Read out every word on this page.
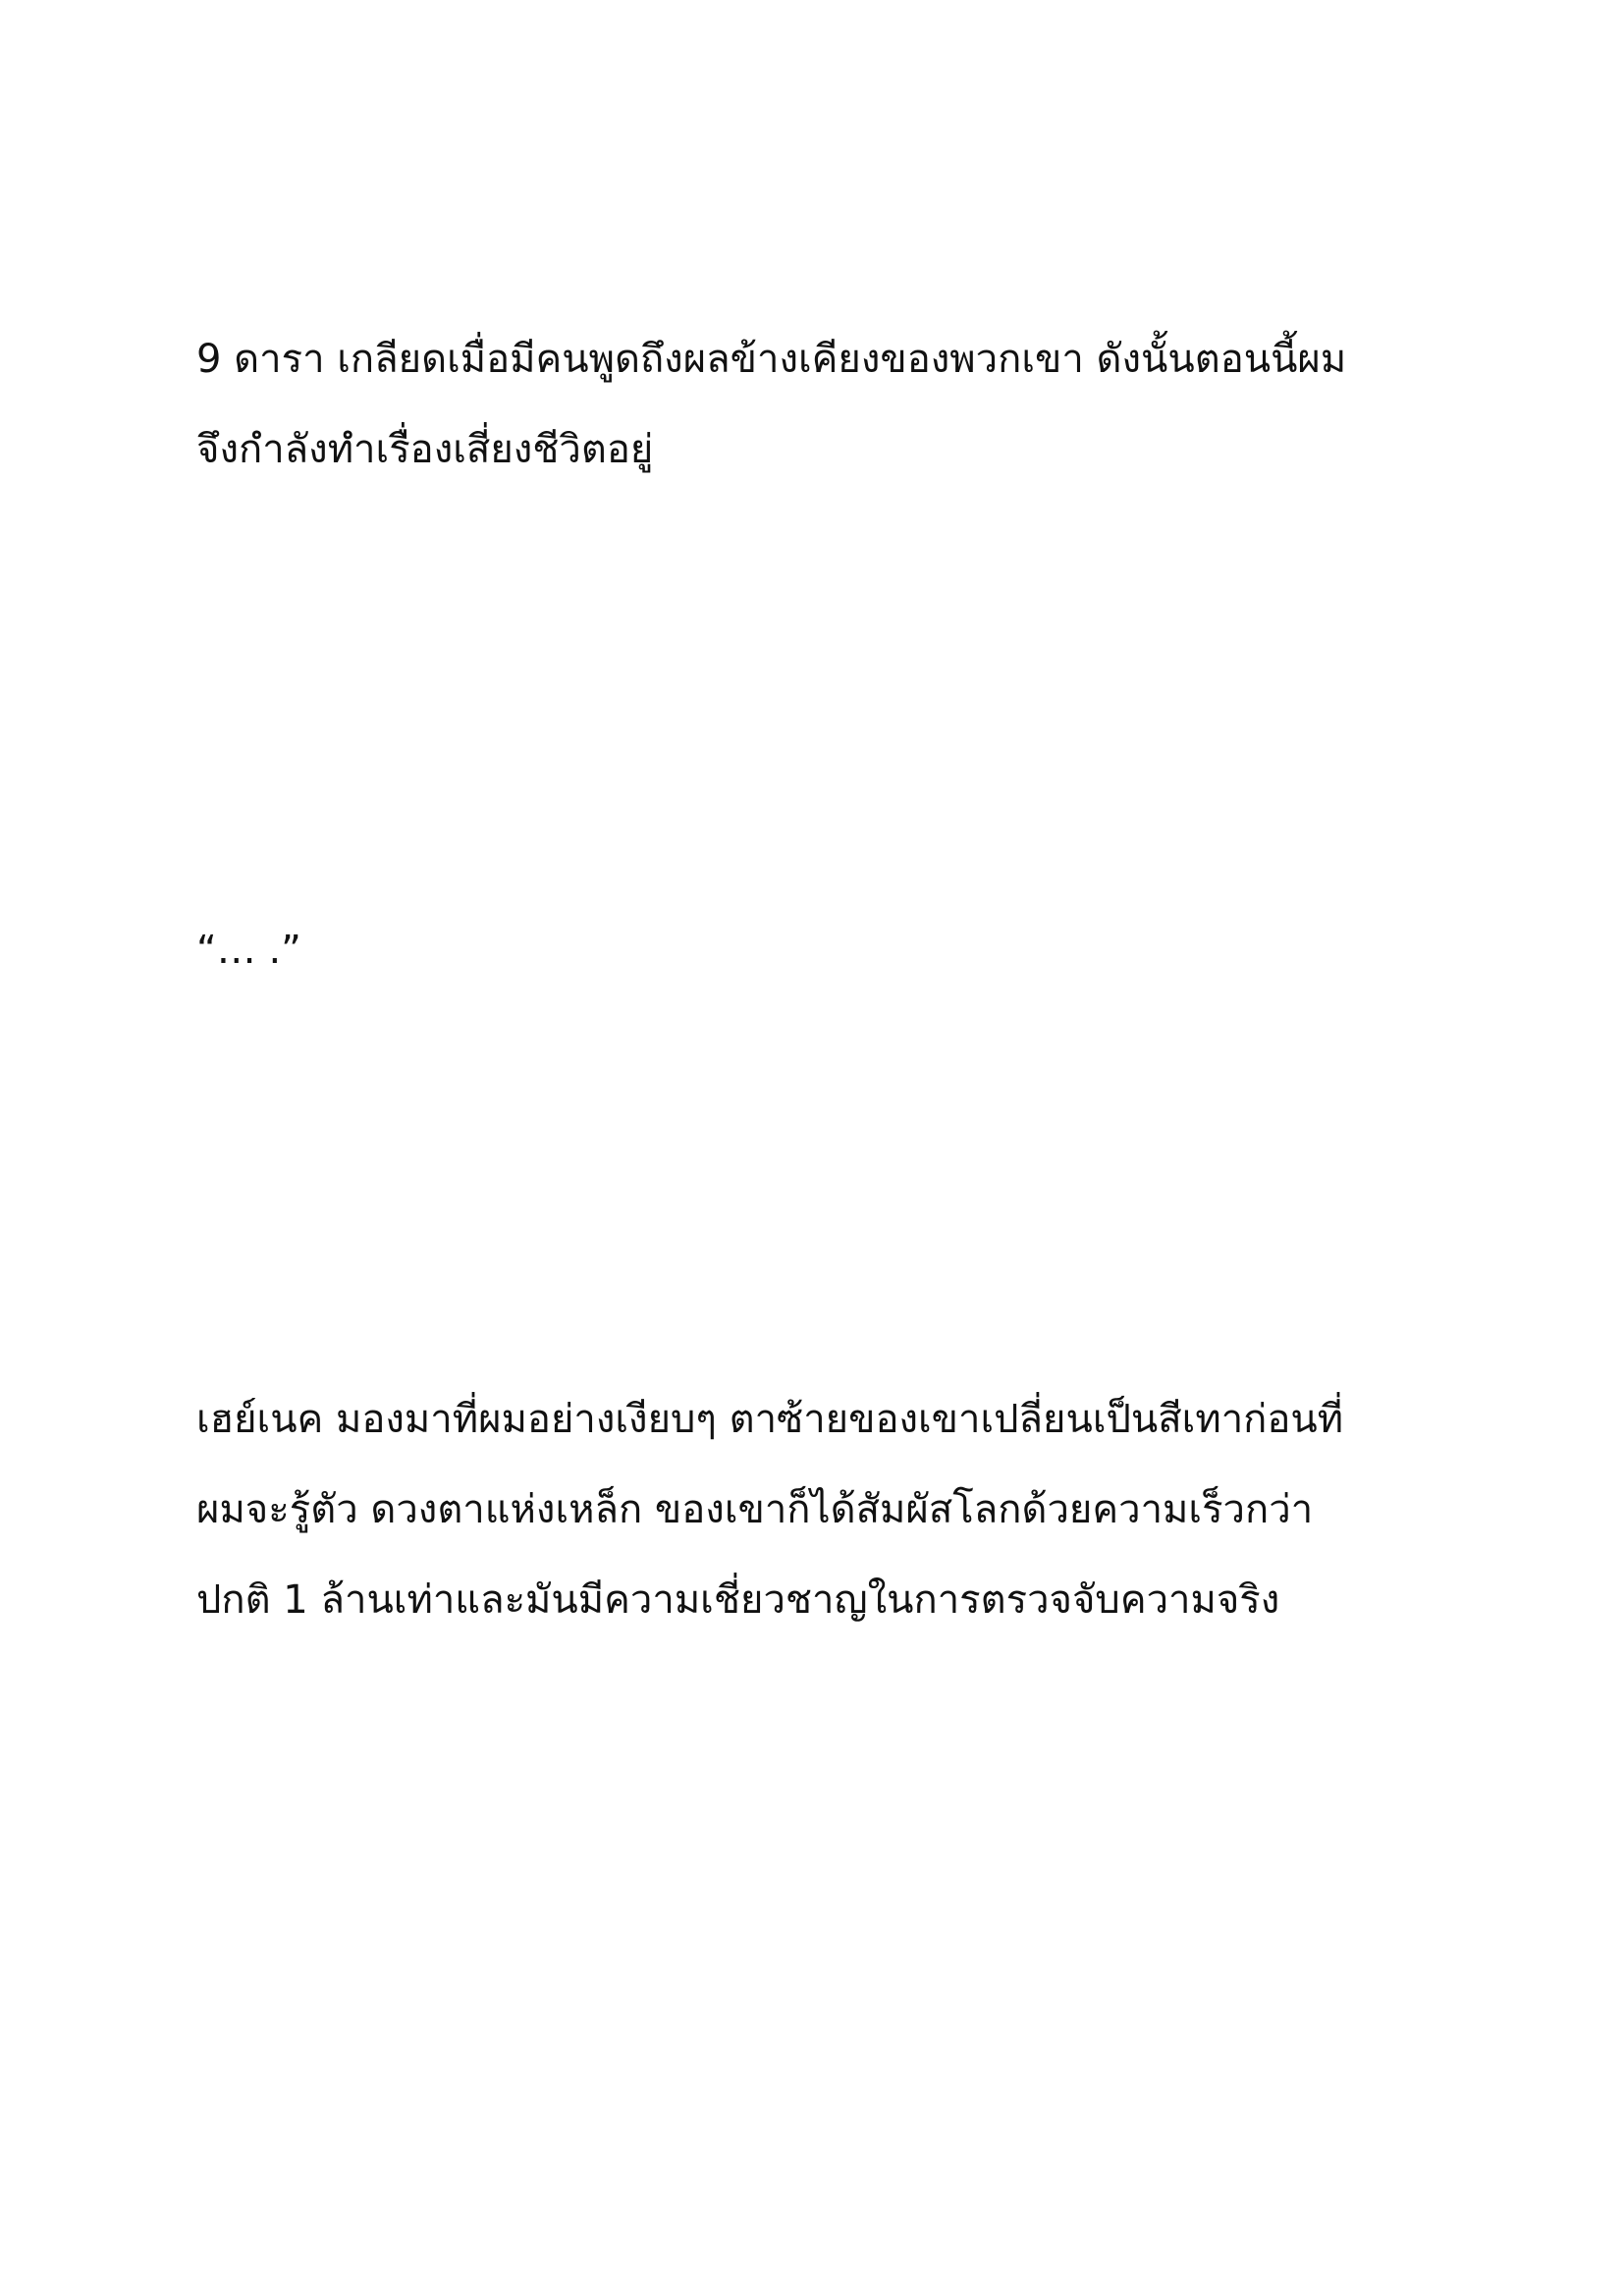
9 ดารา เกลียดเมื่อมีคนพูดถึงผลข้างเคียงของพวกเขา ดังนั้นตอนนี้ผม
จึงกำลังทำเรื่องเสี่ยงชีวิตอยู่
“… .”
เฮย์เนค มองมาที่ผมอย่างเงียบๆ ตาซ้ายของเขาเปลี่ยนเป็นสีเทาก่อนที่
ผมจะรู้ตัว ดวงตาแห่งเหล็ก ของเขาก็ได้สัมผัสโลกด้วยความเร็วกว่า
ปกติ 1 ล้านเท่าและมันมีความเชี่ยวชาญในการตรวจจับความจริง
